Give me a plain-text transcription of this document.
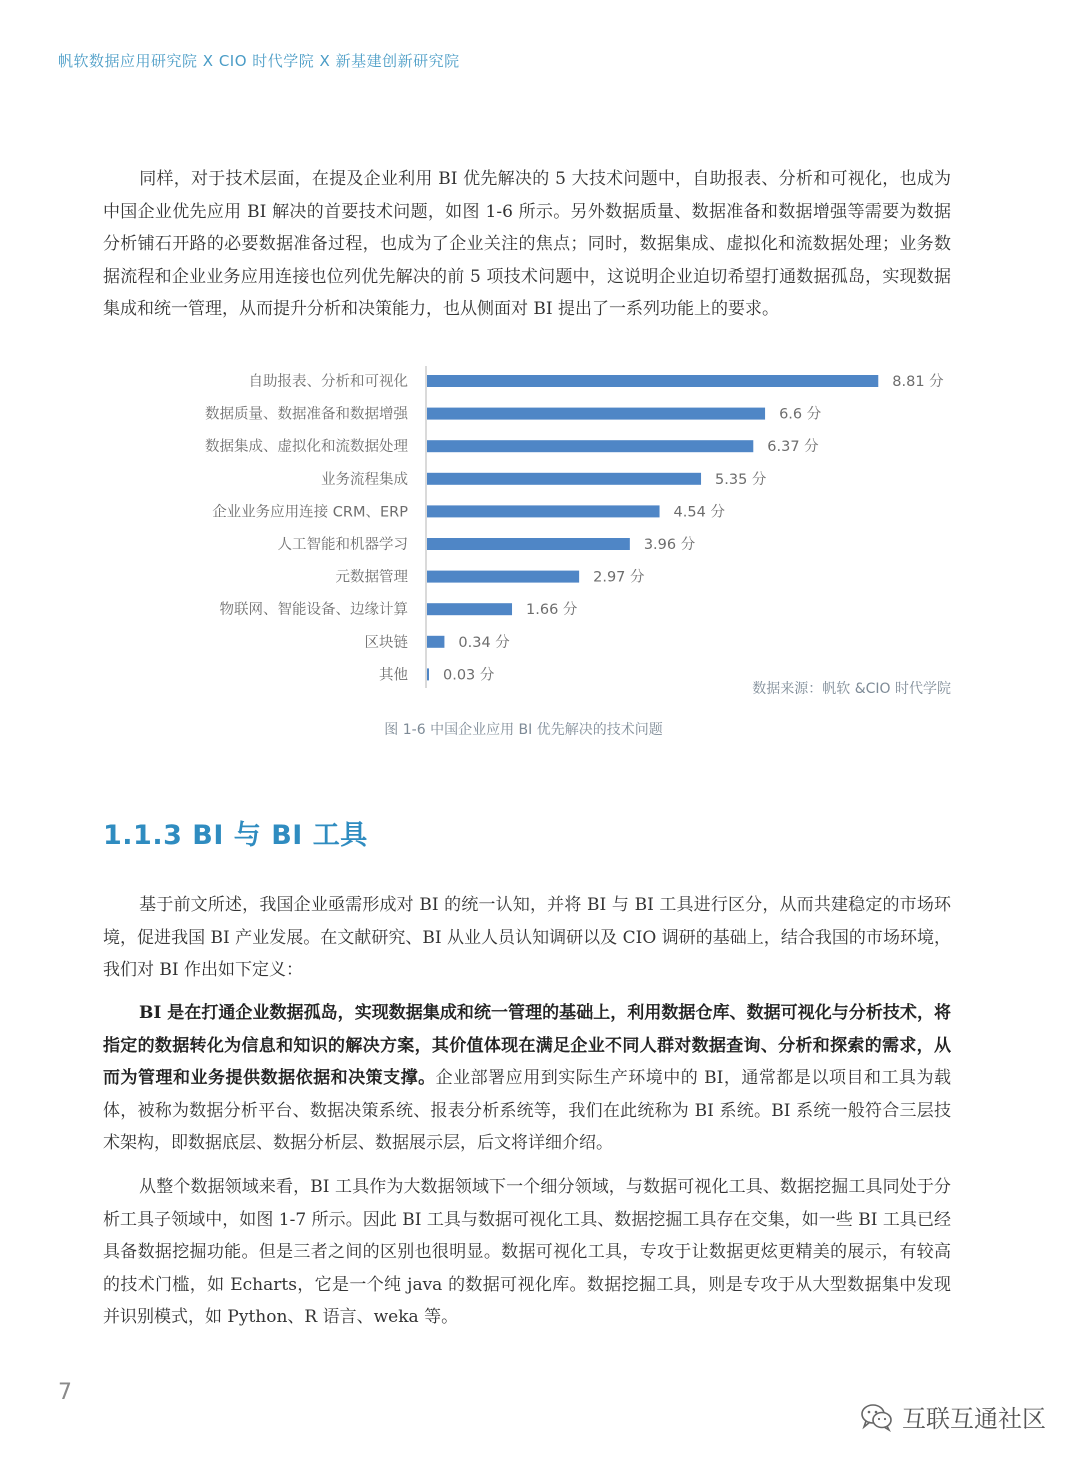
帆软数据应用研究院 X CIO 时代学院 X 新基建创新研究院

同样，对于技术层面，在提及企业利用 BI 优先解决的 5 大技术问题中，自助报表、分析和可视化，也成为中国企业优先应用 BI 解决的首要技术问题，如图 1-6 所示。另外数据质量、数据准备和数据增强等需要为数据分析铺石开路的必要数据准备过程，也成为了企业关注的焦点；同时，数据集成、虚拟化和流数据处理；业务数据流程和企业业务应用连接也位列优先解决的前 5 项技术问题中，这说明企业迫切希望打通数据孤岛，实现数据集成和统一管理，从而提升分析和决策能力，也从侧面对 BI 提出了一系列功能上的要求。

自助报表、分析和可视化	8.81 分
数据质量、数据准备和数据增强	6.6 分
数据集成、虚拟化和流数据处理	6.37 分
业务流程集成	5.35 分
企业业务应用连接 CRM、ERP	4.54 分
人工智能和机器学习	3.96 分
元数据管理	2.97 分
物联网、智能设备、边缘计算	1.66 分
区块链	0.34 分
其他 0.03 分
数据来源：帆软 &CIO 时代学院
图 1-6 中国企业应用 BI 优先解决的技术问题
1.1.3 BI 与 BI 工具

基于前文所述，我国企业亟需形成对 BI 的统一认知，并将 BI 与 BI 工具进行区分，从而共建稳定的市场环境，促进我国 BI 产业发展。在文献研究、BI 从业人员认知调研以及 CIO 调研的基础上，结合我国的市场环境，我们对 BI 作出如下定义：

BI 是在打通企业数据孤岛，实现数据集成和统一管理的基础上，利用数据仓库、数据可视化与分析技术，将指定的数据转化为信息和知识的解决方案，其价值体现在满足企业不同人群对数据查询、分析和探索的需求，从而为管理和业务提供数据依据和决策支撑。企业部署应用到实际生产环境中的 BI，通常都是以项目和工具为载体，被称为数据分析平台、数据决策系统、报表分析系统等，我们在此统称为 BI 系统。BI 系统一般符合三层技术架构，即数据底层、数据分析层、数据展示层，后文将详细介绍。

从整个数据领域来看，BI 工具作为大数据领域下一个细分领域，与数据可视化工具、数据挖掘工具同处于分析工具子领域中，如图 1-7 所示。因此 BI 工具与数据可视化工具、数据挖掘工具存在交集，如一些 BI 工具已经具备数据挖掘功能。但是三者之间的区别也很明显。数据可视化工具，专攻于让数据更炫更精美的展示，有较高的技术门槛，如 Echarts，它是一个纯 java 的数据可视化库。数据挖掘工具，则是专攻于从大型数据集中发现并识别模式，如 Python、R 语言、weka 等。

7
互联互通社区
